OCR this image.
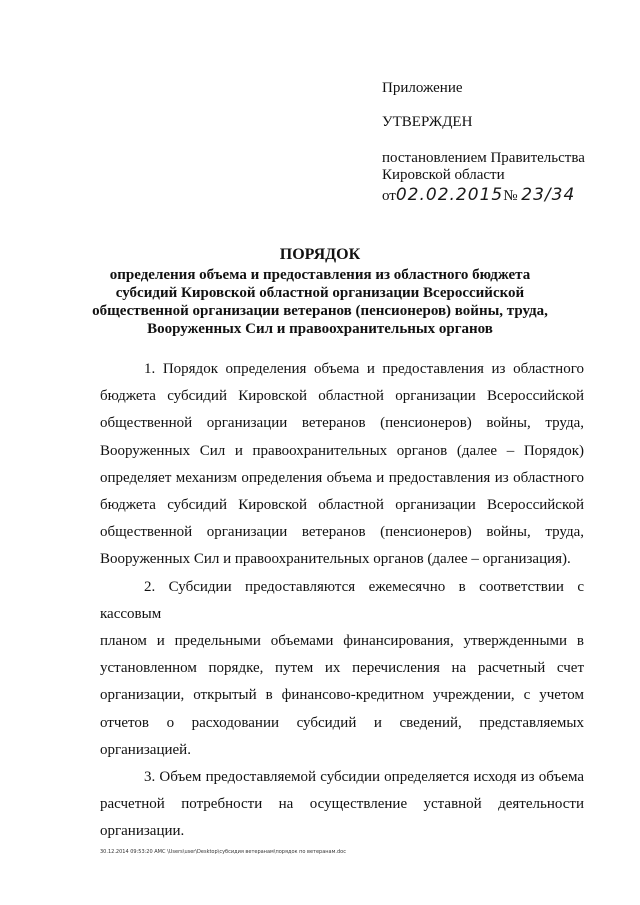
Приложение
УТВЕРЖДЕН
постановлением Правительства
Кировской области
от02.02.2015№ 23/34
ПОРЯДОК
определения объема и предоставления из областного бюджета
субсидий Кировской областной организации Всероссийской
общественной организации ветеранов (пенсионеров) войны, труда,
Вооруженных Сил и правоохранительных органов
1. Порядок определения объема и предоставления из областного
бюджета субсидий Кировской областной организации Всероссийской
общественной организации ветеранов (пенсионеров) войны, труда,
Вооруженных Сил и правоохранительных органов (далее – Порядок)
определяет механизм определения объема и предоставления из областного
бюджета субсидий Кировской областной организации Всероссийской
общественной организации ветеранов (пенсионеров) войны, труда,
Вооруженных Сил и правоохранительных органов (далее – организация).
2. Субсидии предоставляются ежемесячно в соответствии с кассовым
планом и предельными объемами финансирования, утвержденными в
установленном порядке, путем их перечисления на расчетный счет
организации, открытый в финансово-кредитном учреждении, с учетом
отчетов о расходовании субсидий и сведений, представляемых
организацией.
3. Объем предоставляемой субсидии определяется исходя из объема
расчетной потребности на осуществление уставной деятельности
организации.
30.12.2014 09:53:20 AMC \Users\user\Desktop\субсидия ветеранам\порядок по ветеранам.doc
